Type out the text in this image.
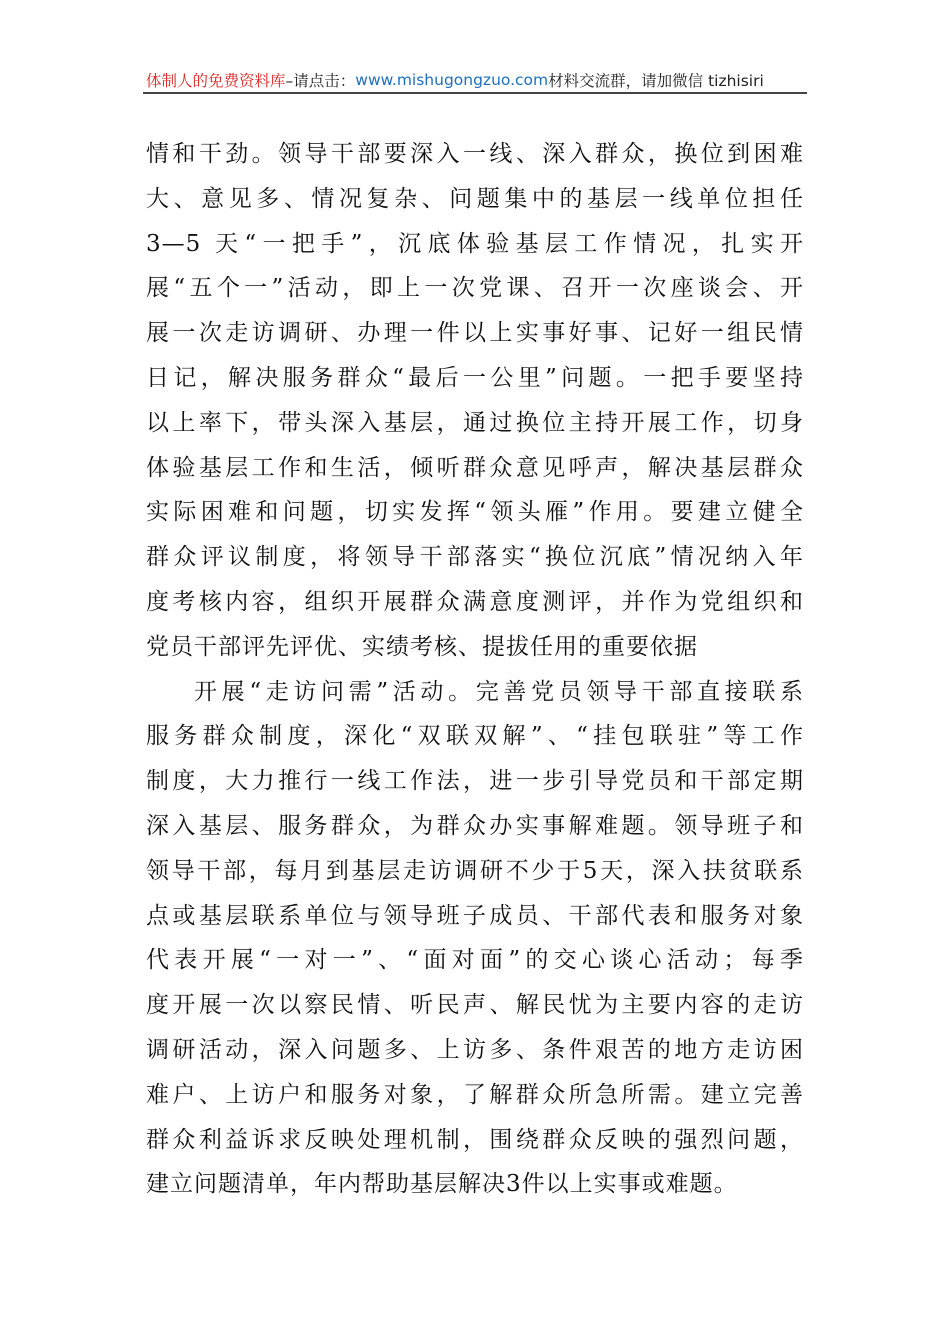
体制人的免费资料库 –请点击： www.mishugongzuo.com 材料交流群，请加微信 tizhisiri
情和干劲。领导干部要深入一线、深入群众，换位到困难
大、意见多、情况复杂、问题集中的基层一线单位担任
3—5 天“一把手”，沉底体验基层工作情况，扎实开
展“五个一”活动，即上一次党课、召开一次座谈会、开
展一次走访调研、办理一件以上实事好事、记好一组民情
日记，解决服务群众“最后一公里”问题。一把手要坚持
以上率下，带头深入基层，通过换位主持开展工作，切身
体验基层工作和生活，倾听群众意见呼声，解决基层群众
实际困难和问题，切实发挥“领头雁”作用。要建立健全
群众评议制度，将领导干部落实“换位沉底”情况纳入年
度考核内容，组织开展群众满意度测评，并作为党组织和
党员干部评先评优、实绩考核、提拔任用的重要依据
开展“走访问需”活动。完善党员领导干部直接联系
服务群众制度，深化“双联双解”、“挂包联驻”等工作
制度，大力推行一线工作法，进一步引导党员和干部定期
深入基层、服务群众，为群众办实事解难题。领导班子和
领导干部，每月到基层走访调研不少于5天，深入扶贫联系
点或基层联系单位与领导班子成员、干部代表和服务对象
代表开展“一对一”、“面对面”的交心谈心活动；每季
度开展一次以察民情、听民声、解民忧为主要内容的走访
调研活动，深入问题多、上访多、条件艰苦的地方走访困
难户、上访户和服务对象，了解群众所急所需。建立完善
群众利益诉求反映处理机制，围绕群众反映的强烈问题，
建立问题清单，年内帮助基层解决3件以上实事或难题。
